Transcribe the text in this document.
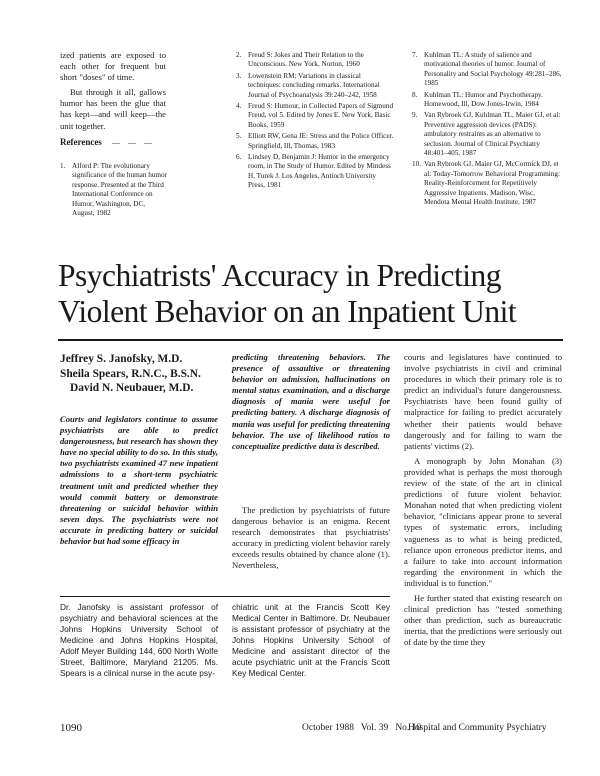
ized patients are exposed to each other for frequent but short "doses" of time.

But through it all, gallows humor has been the glue that has kept—and will keep—the unit together.

References — — —
1. Alford P: The evolutionary significance of the human humor response. Presented at the Third International Conference on Humor, Washington, DC, August, 1982
2. Freud S: Jokes and Their Relation to the Unconscious. New York, Norton, 1960
3. Lowenstein RM: Variations in classical techniques: concluding remarks. International Journal of Psychoanalysis 39:240–242, 1958
4. Freud S: Humour, in Collected Papers of Sigmund Freud, vol 5. Edited by Jones E. New York, Basic Books, 1959
5. Elliott RW, Gena JE: Stress and the Police Officer. Springfield, Ill, Thomas, 1983
6. Lindsey D, Benjamin J: Humor in the emergency room, in The Study of Humor. Edited by Mindess H, Turek J. Los Angeles, Antioch University Press, 1981
7. Kuhlman TL: A study of salience and motivational theories of humor. Journal of Personality and Social Psychology 49:281–286, 1985
8. Kuhlman TL: Humor and Psychotherapy. Homewood, Ill, Dow Jones-Irwin, 1984
9. Van Rybroek GJ, Kuhlman TL, Maier GJ, et al: Preventive aggression devices (PADS): ambulatory restraints as an alternative to seclusion. Journal of Clinical Psychiatry 48:401–405, 1987
10. Van Rybroek GJ, Maier GJ, McCormick DJ, et al: Today-Tomorrow Behavioral Programming: Reality-Reinforcement for Repetitively Aggressive Inpatients. Madison, Wisc, Mendota Mental Health Institute, 1987
Psychiatrists' Accuracy in Predicting
Violent Behavior on an Inpatient Unit
Jeffrey S. Janofsky, M.D.
Sheila Spears, R.N.C., B.S.N.
David N. Neubauer, M.D.
Courts and legislators continue to assume psychiatrists are able to predict dangerousness, but research has shown they have no special ability to do so. In this study, two psychiatrists examined 47 new inpatient admissions to a short-term psychiatric treatment unit and predicted whether they would commit battery or demonstrate threatening or suicidal behavior within seven days. The psychiatrists were not accurate in predicting battery or suicidal behavior but had some efficacy in
predicting threatening behaviors. The presence of assaultive or threatening behavior on admission, hallucinations on mental status examination, and a discharge diagnosis of mania were useful for predicting battery. A discharge diagnosis of mania was useful for predicting threatening behavior. The use of likelihood ratios to conceptualize predictive data is described.

The prediction by psychiatrists of future dangerous behavior is an enigma. Recent research demonstrates that psychiatrists' accuracy in predicting violent behavior rarely exceeds results obtained by chance alone (1). Nevertheless,

courts and legislatures have continued to involve psychiatrists in civil and criminal procedures in which their primary role is to predict an individual's future dangerousness. Psychiatrists have been found guilty of malpractice for failing to predict accurately whether their patients would behave dangerously and for failing to warn the patients' victims (2).

A monograph by John Monahan (3) provided what is perhaps the most thorough review of the state of the art in clinical predictions of future violent behavior. Monahan noted that when predicting violent behavior, "clinicians appear prone to several types of systematic errors, including vagueness as to what is being predicted, reliance upon erroneous predictor items, and a failure to take into account information regarding the environment in which the individual is to function."

He further stated that existing research on clinical prediction has "tested something other than prediction, such as bureaucratic inertia, that the predictions were seriously out of date by the time they

Dr. Janofsky is assistant professor of psychiatry and behavioral sciences at the Johns Hopkins University School of Medicine and Johns Hopkins Hospital, Adolf Meyer Building 144, 600 North Wolfe Street, Baltimore, Maryland 21205. Ms. Spears is a clinical nurse in the acute psy-
chiatric unit at the Francis Scott Key Medical Center in Baltimore. Dr. Neubauer is assistant professor of psychiatry at the Johns Hopkins University School of Medicine and assistant director of the acute psychiatric unit at the Francis Scott Key Medical Center.
1090	October 1988   Vol. 39   No. 10
Hospital and Community Psychiatry
